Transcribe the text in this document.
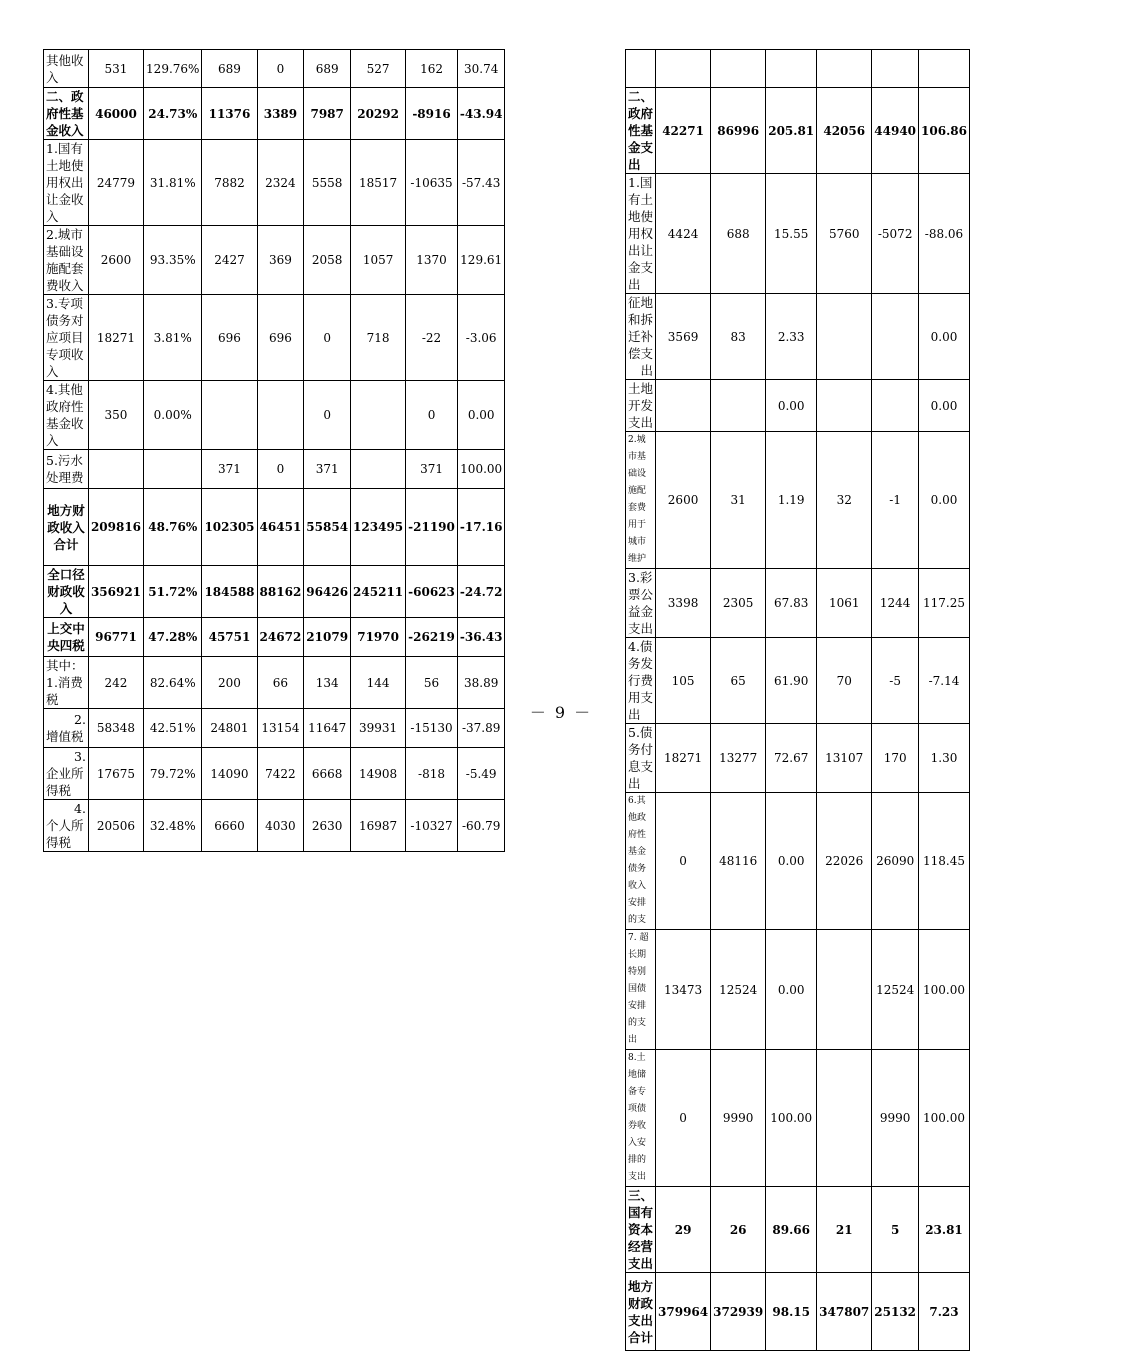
其他收入	531	129.76%	689	0	689	527	162	30.74
二、政府性基金收入	46000	24.73%	11376	3389	7987	20292	-8916	-43.94
1.国有土地使用权出让金收入	24779	31.81%	7882	2324	5558	18517	-10635	-57.43
2.城市基础设施配套费收入	2600	93.35%	2427	369	2058	1057	1370	129.61
3.专项债务对应项目专项收入	18271	3.81%	696	696	0	718	-22	-3.06
4.其他政府性基金收入	350	0.00%			0		0	0.00
5.污水处理费			371	0	371		371	100.00
地方财政收入合计	209816	48.76%	102305	46451	55854	123495	-21190	-17.16
全口径财政收入	356921	51.72%	184588	88162	96426	245211	-60623	-24.72
上交中央四税	96771	47.28%	45751	24672	21079	71970	-26219	-36.43
其中：1.消费税	242	82.64%	200	66	134	144	56	38.89
2.增值税	58348	42.51%	24801	13154	11647	39931	-15130	-37.89
3.企业所得税	17675	79.72%	14090	7422	6668	14908	-818	-5.49
4.个人所得税	20506	32.48%	6660	4030	2630	16987	-10327	-60.79

二、政府性基金支出	42271	86996	205.81	42056	44940	106.86
1.国有土地使用权出让金支出	4424	688	15.55	5760	-5072	-88.06
征地和拆迁补偿支出	3569	83	2.33			0.00
土地开发支出			0.00			0.00
2.城市基础设施配套费用于城市维护	2600	31	1.19	32	-1	0.00
3.彩票公益金支出	3398	2305	67.83	1061	1244	117.25
4.债务发行费用支出	105	65	61.90	70	-5	-7.14
5.债务付息支出	18271	13277	72.67	13107	170	1.30
6.其他政府性基金债务收入安排的支	0	48116	0.00	22026	26090	118.45
7. 超长期特别国债安排的支出	13473	12524	0.00		12524	100.00
8.土地储备专项债券收入安排的支出	0	9990	100.00		9990	100.00
三、国有资本经营支出	29	26	89.66	21	5	23.81
地方财政支出合计	379964	372939	98.15	347807	25132	7.23
－ 9 －
